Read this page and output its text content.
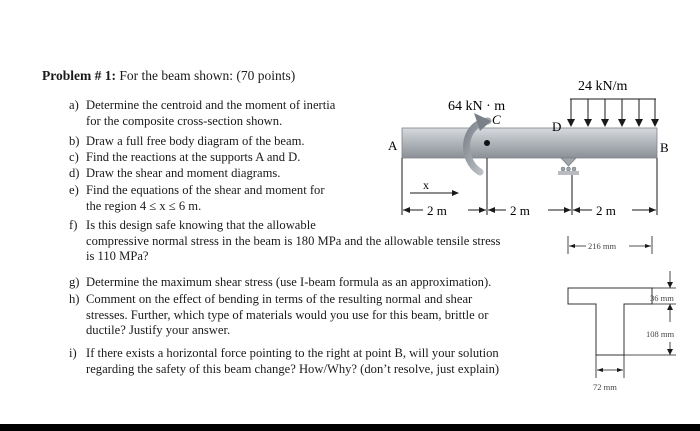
Problem # 1: For the beam shown: (70 points)
a) Determine the centroid and the moment of inertia
for the composite cross-section shown.
b) Draw a full free body diagram of the beam.
c) Find the reactions at the supports A and D.
d) Draw the shear and moment diagrams.
e) Find the equations of the shear and moment for
the region 4 ≤ x ≤ 6 m.
f) Is this design safe knowing that the allowable
compressive normal stress in the beam is 180 MPa and the allowable tensile stress
is 110 MPa?
g) Determine the maximum shear stress (use I-beam formula as an approximation).
h) Comment on the effect of bending in terms of the resulting normal and shear
stresses. Further, which type of materials would you use for this beam, brittle or
ductile? Justify your answer.
i) If there exists a horizontal force pointing to the right at point B, will your solution
regarding the safety of this beam change? How/Why? (don’t resolve, just explain)
24 kN/m
64 kN · m
A	B
C	D
x
2 m	2 m	2 m
216 mm
36 mm
108 mm
72 mm
